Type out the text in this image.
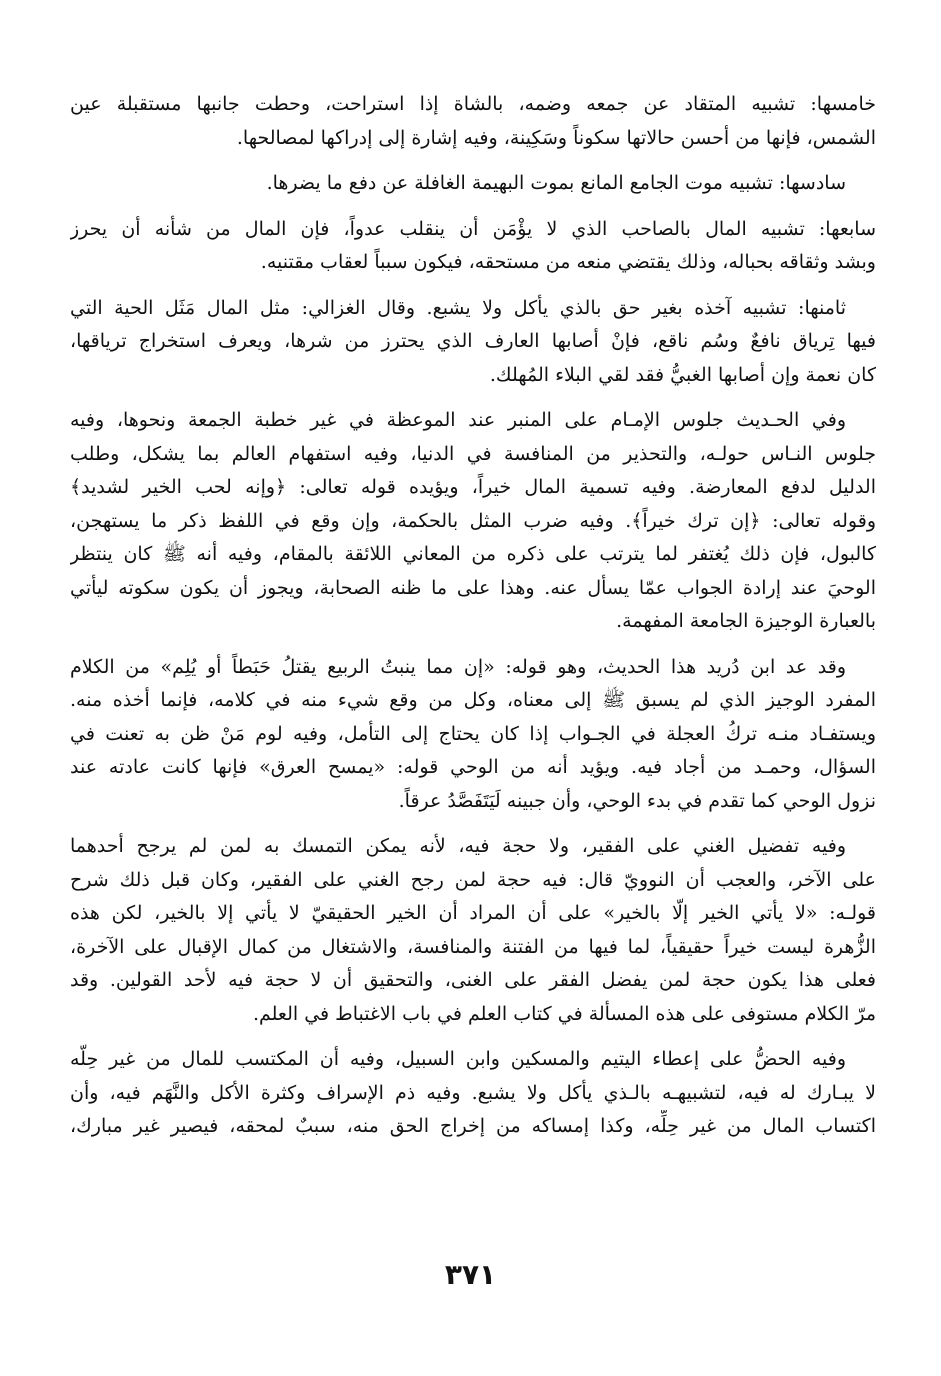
خامسها: تشبيه المتقاد عن جمعه وضمه، بالشاة إذا استراحت، وحطت جانبها مستقبلة عين
الشمس، فإنها من أحسن حالاتها سكوناً وسَكِينة، وفيه إشارة إلى إدراكها لمصالحها.
سادسها: تشبيه موت الجامع المانع بموت البهيمة الغافلة عن دفع ما يضرها.
سابعها: تشبيه المال بالصاحب الذي لا يؤْمَن أن ينقلب عدواً، فإن المال من شأنه أن يحرز
وبشد وثقاقه بحباله، وذلك يقتضي منعه من مستحقه، فيكون سبباً لعقاب مقتنيه.
ثامنها: تشبيه آخذه بغير حق بالذي يأكل ولا يشبع. وقال الغزالي: مثل المال مَثَل الحية التي
فيها تِرياق نافعٌ وسُم ناقع، فإنْ أصابها العارف الذي يحترز من شرها، ويعرف استخراج ترياقها،
كان نعمة وإن أصابها الغبيُّ فقد لقي البلاء المُهلك.
وفي الحـديث جلوس الإمـام على المنبر عند الموعظة في غير خطبة الجمعة ونحوها، وفيه
جلوس النـاس حولـه، والتحذير من المنافسة في الدنيا، وفيه استفهام العالم بما يشكل، وطلب
الدليل لدفع المعارضة. وفيه تسمية المال خيراً، ويؤيده قوله تعالى: ﴿وإنه لحب الخير لشديد﴾
وقوله تعالى: ﴿إن ترك خيراً﴾. وفيه ضرب المثل بالحكمة، وإن وقع في اللفظ ذكر ما يستهجن،
كالبول، فإن ذلك يُغتفر لما يترتب على ذكره من المعاني اللائقة بالمقام، وفيه أنه ﷺ كان ينتظر
الوحيَ عند إرادة الجواب عمّا يسأل عنه. وهذا على ما ظنه الصحابة، ويجوز أن يكون سكوته ليأتي
بالعبارة الوجيزة الجامعة المفهمة.
وقد عد ابن دُريد هذا الحديث، وهو قوله: «إن مما ينبتُ الربيع يقتلُ حَبَطاً أو يُلِم» من الكلام
المفرد الوجيز الذي لم يسبق ﷺ إلى معناه، وكل من وقع شيء منه في كلامه، فإنما أخذه منه.
ويستفـاد منـه تركُ العجلة في الجـواب إذا كان يحتاج إلى التأمل، وفيه لوم مَنْ ظن به تعنت في
السؤال، وحمـد من أجاد فيه. ويؤيد أنه من الوحي قوله: «يمسح العرق» فإنها كانت عادته عند
نزول الوحي كما تقدم في بدء الوحي، وأن جبينه لَيَتَفَصَّدُ عرقاً.
وفيه تفضيل الغني على الفقير، ولا حجة فيه، لأنه يمكن التمسك به لمن لم يرجح أحدهما
على الآخر، والعجب أن النوويّ قال: فيه حجة لمن رجح الغني على الفقير، وكان قبل ذلك شرح
قولـه: «لا يأتي الخير إلّا بالخير» على أن المراد أن الخير الحقيقيّ لا يأتي إلا بالخير، لكن هذه
الزُّهرة ليست خيراً حقيقياً، لما فيها من الفتنة والمنافسة، والاشتغال من كمال الإقبال على الآخرة،
فعلى هذا يكون حجة لمن يفضل الفقر على الغنى، والتحقيق أن لا حجة فيه لأحد القولين. وقد
مرّ الكلام مستوفى على هذه المسألة في كتاب العلم في باب الاغتباط في العلم.
وفيه الحضُّ على إعطاء اليتيم والمسكين وابن السبيل، وفيه أن المكتسب للمال من غير حِلّه
لا يبـارك له فيه، لتشبيهـه بالـذي يأكل ولا يشبع. وفيه ذم الإسراف وكثرة الأكل والنَّهَم فيه، وأن
اكتساب المال من غير حِلِّه، وكذا إمساكه من إخراج الحق منه، سببٌ لمحقه، فيصير غير مبارك،
٣٧١
